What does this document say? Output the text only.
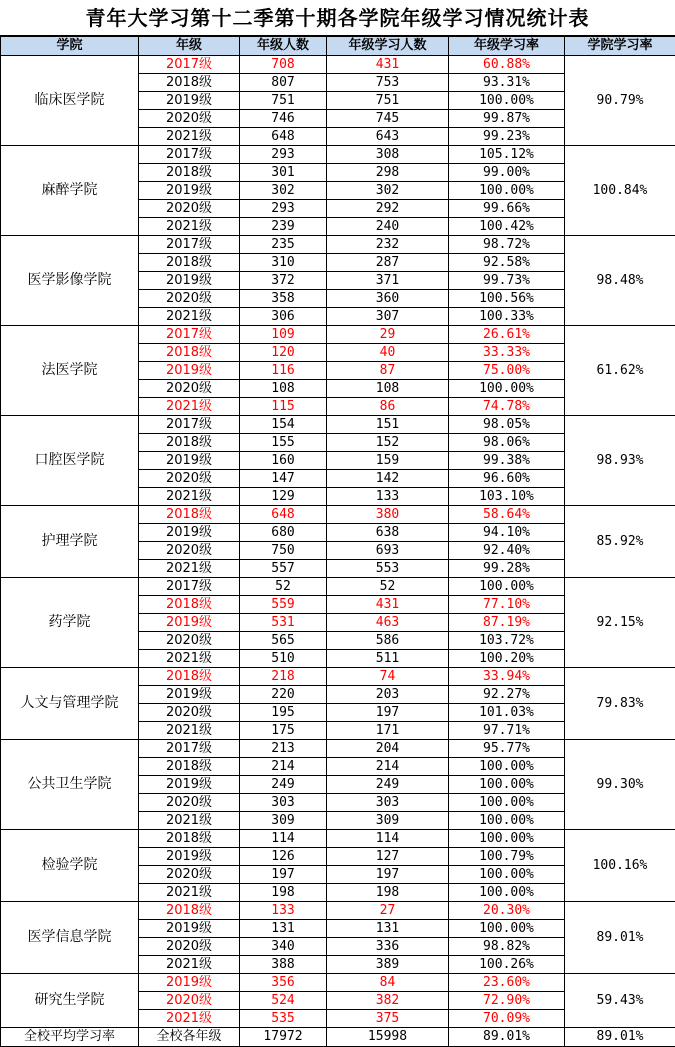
青年大学习第十二季第十期各学院年级学习情况统计表
学院	年级	年级人数	年级学习人数	年级学习率	学院学习率
临床医学院	2017级	708	431	60.88%	90.79%
	2018级	807	753	93.31%	
	2019级	751	751	100.00%	
	2020级	746	745	99.87%	
	2021级	648	643	99.23%	
麻醉学院	2017级	293	308	105.12%	100.84%
	2018级	301	298	99.00%	
	2019级	302	302	100.00%	
	2020级	293	292	99.66%	
	2021级	239	240	100.42%	
医学影像学院	2017级	235	232	98.72%	98.48%
	2018级	310	287	92.58%	
	2019级	372	371	99.73%	
	2020级	358	360	100.56%	
	2021级	306	307	100.33%	
法医学院	2017级	109	29	26.61%	61.62%
	2018级	120	40	33.33%	
	2019级	116	87	75.00%	
	2020级	108	108	100.00%	
	2021级	115	86	74.78%	
口腔医学院	2017级	154	151	98.05%	98.93%
	2018级	155	152	98.06%	
	2019级	160	159	99.38%	
	2020级	147	142	96.60%	
	2021级	129	133	103.10%	
护理学院	2018级	648	380	58.64%	85.92%
	2019级	680	638	94.10%	
	2020级	750	693	92.40%	
	2021级	557	553	99.28%	
药学院	2017级	52	52	100.00%	92.15%
	2018级	559	431	77.10%	
	2019级	531	463	87.19%	
	2020级	565	586	103.72%	
	2021级	510	511	100.20%	
人文与管理学院	2018级	218	74	33.94%	79.83%
	2019级	220	203	92.27%	
	2020级	195	197	101.03%	
	2021级	175	171	97.71%	
公共卫生学院	2017级	213	204	95.77%	99.30%
	2018级	214	214	100.00%	
	2019级	249	249	100.00%	
	2020级	303	303	100.00%	
	2021级	309	309	100.00%	
检验学院	2018级	114	114	100.00%	100.16%
	2019级	126	127	100.79%	
	2020级	197	197	100.00%	
	2021级	198	198	100.00%	
医学信息学院	2018级	133	27	20.30%	89.01%
	2019级	131	131	100.00%	
	2020级	340	336	98.82%	
	2021级	388	389	100.26%	
研究生学院	2019级	356	84	23.60%	59.43%
	2020级	524	382	72.90%	
	2021级	535	375	70.09%	
全校平均学习率	全校各年级	17972	15998	89.01%	89.01%
